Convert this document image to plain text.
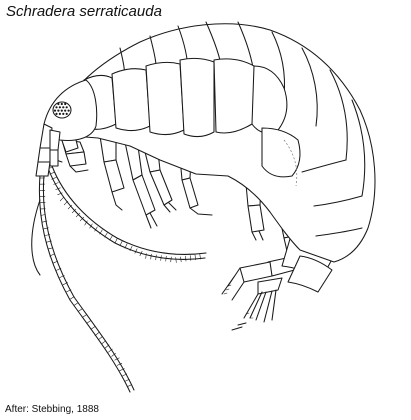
Schradera serraticauda
After: Stebbing, 1888
